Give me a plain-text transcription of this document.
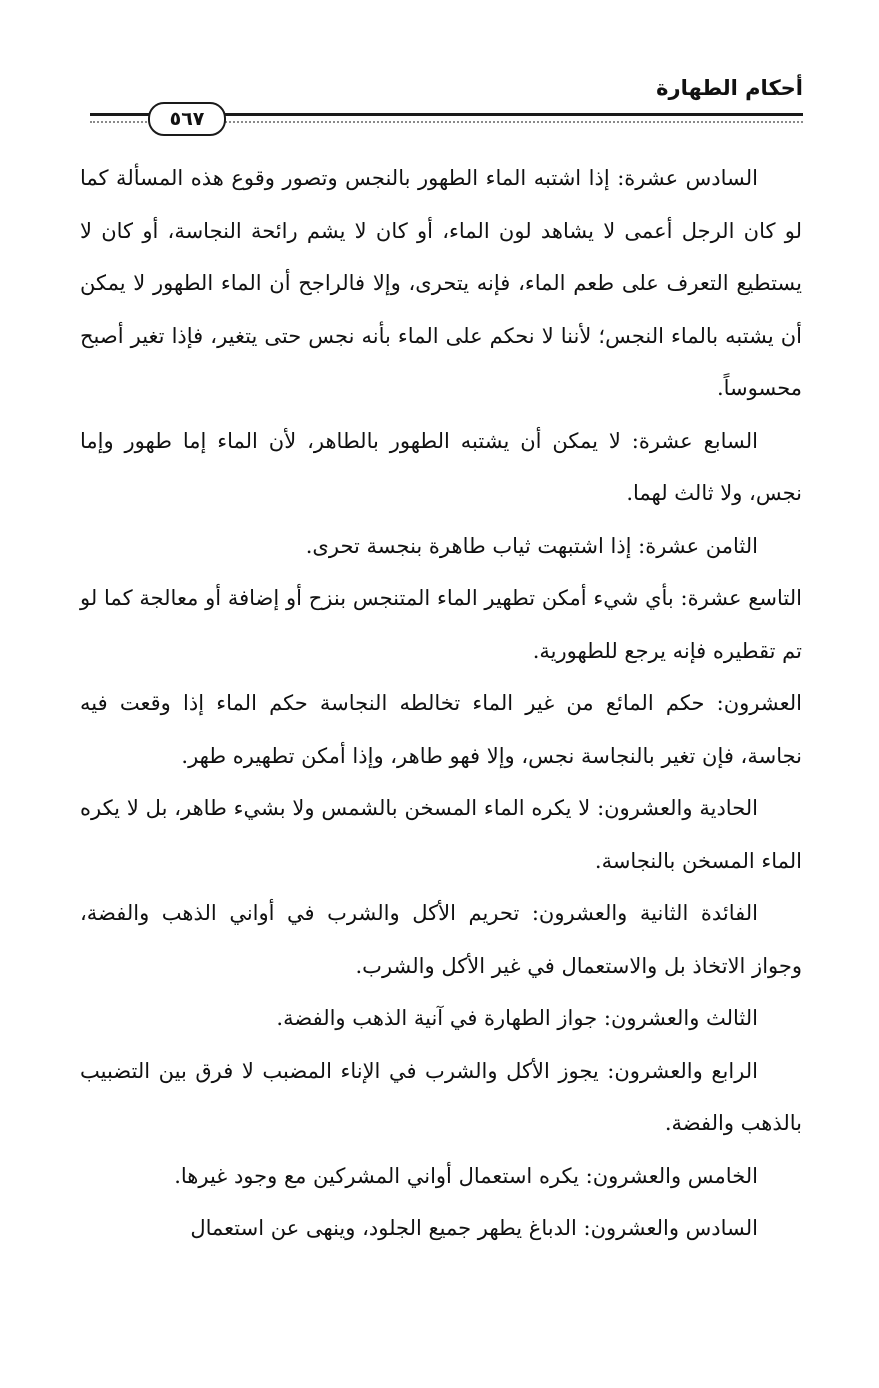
أحكام الطهارة
٥٦٧

السادس عشرة: إذا اشتبه الماء الطهور بالنجس وتصور وقوع هذه المسألة كما لو كان الرجل أعمى لا يشاهد لون الماء، أو كان لا يشم رائحة النجاسة، أو كان لا يستطيع التعرف على طعم الماء، فإنه يتحرى، وإلا فالراجح أن الماء الطهور لا يمكن أن يشتبه بالماء النجس؛ لأننا لا نحكم على الماء بأنه نجس حتى يتغير، فإذا تغير أصبح محسوساً.

السابع عشرة: لا يمكن أن يشتبه الطهور بالطاهر، لأن الماء إما طهور وإما نجس، ولا ثالث لهما.

الثامن عشرة: إذا اشتبهت ثياب طاهرة بنجسة تحرى.

التاسع عشرة: بأي شيء أمكن تطهير الماء المتنجس بنزح أو إضافة أو معالجة كما لو تم تقطيره فإنه يرجع للطهورية.

العشرون: حكم المائع من غير الماء تخالطه النجاسة حكم الماء إذا وقعت فيه نجاسة، فإن تغير بالنجاسة نجس، وإلا فهو طاهر، وإذا أمكن تطهيره طهر.

الحادية والعشرون: لا يكره الماء المسخن بالشمس ولا بشيء طاهر، بل لا يكره الماء المسخن بالنجاسة.

الفائدة الثانية والعشرون: تحريم الأكل والشرب في أواني الذهب والفضة، وجواز الاتخاذ بل والاستعمال في غير الأكل والشرب.

الثالث والعشرون: جواز الطهارة في آنية الذهب والفضة.

الرابع والعشرون: يجوز الأكل والشرب في الإناء المضبب لا فرق بين التضبيب بالذهب والفضة.

الخامس والعشرون: يكره استعمال أواني المشركين مع وجود غيرها.

السادس والعشرون: الدباغ يطهر جميع الجلود، وينهى عن استعمال
